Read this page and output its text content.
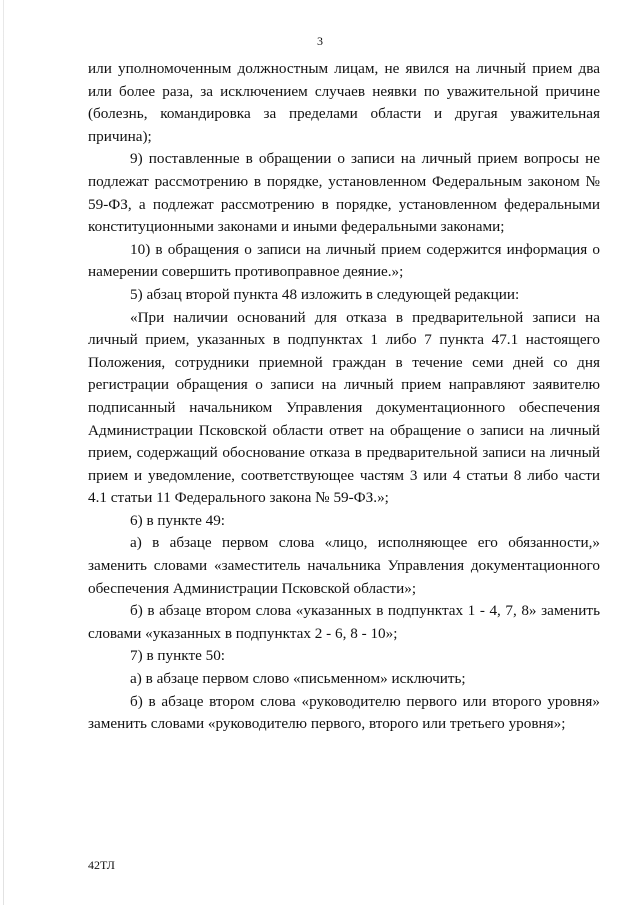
3

или уполномоченным должностным лицам, не явился на личный прием два или более раза, за исключением случаев неявки по уважительной причине (болезнь, командировка за пределами области и другая уважительная причина);

9) поставленные в обращении о записи на личный прием вопросы не подлежат рассмотрению в порядке, установленном Федеральным законом № 59-ФЗ, а подлежат рассмотрению в порядке, установленном федеральными конституционными законами и иными федеральными законами;

10) в обращения о записи на личный прием содержится информация о намерении совершить противоправное деяние.»;

5) абзац второй пункта 48 изложить в следующей редакции:

«При наличии оснований для отказа в предварительной записи на личный прием, указанных в подпунктах 1 либо 7 пункта 47.1 настоящего Положения, сотрудники приемной граждан в течение семи дней со дня регистрации обращения о записи на личный прием направляют заявителю подписанный начальником Управления документационного обеспечения Администрации Псковской области ответ на обращение о записи на личный прием, содержащий обоснование отказа в предварительной записи на личный прием и уведомление, соответствующее частям 3 или 4 статьи 8 либо части 4.1 статьи 11 Федерального закона № 59-ФЗ.»;

6) в пункте 49:

а) в абзаце первом слова «лицо, исполняющее его обязанности,» заменить словами «заместитель начальника Управления документационного обеспечения Администрации Псковской области»;

б) в абзаце втором слова «указанных в подпунктах 1 - 4, 7, 8» заменить словами «указанных в подпунктах 2 - 6, 8 - 10»;

7) в пункте 50:

а) в абзаце первом слово «письменном» исключить;

б) в абзаце втором слова «руководителю первого или второго уровня» заменить словами «руководителю первого, второго или третьего уровня»;

42ТЛ
